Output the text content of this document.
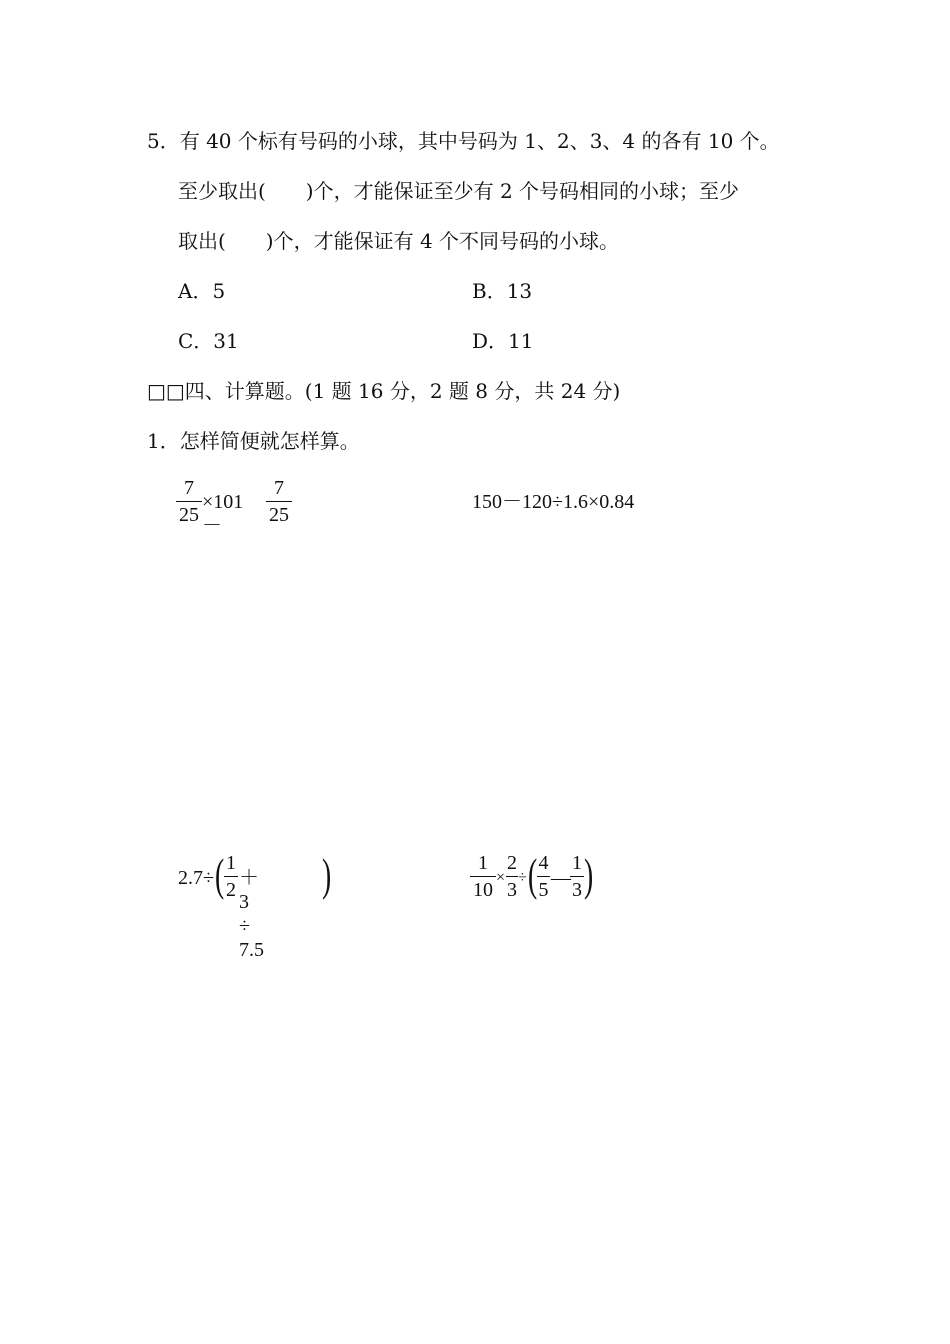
5．有 40 个标有号码的小球，其中号码为 1、2、3、4 的各有 10 个。
至少取出(　　)个，才能保证至少有 2 个号码相同的小球；至少
取出(　　)个，才能保证有 4 个不同号码的小球。
A．5	B．13
C．31	D．11
□□四、计算题。(1 题 16 分，2 题 8 分，共 24 分)
1．怎样简便就怎样算。
7
25
×101－
7
25
150－120÷1.6×0.84
2.7÷ ( 1
2
＋3 ÷ 7.5
)	1
10
×
2
3
÷ ( 4
5
—
1
3 )
